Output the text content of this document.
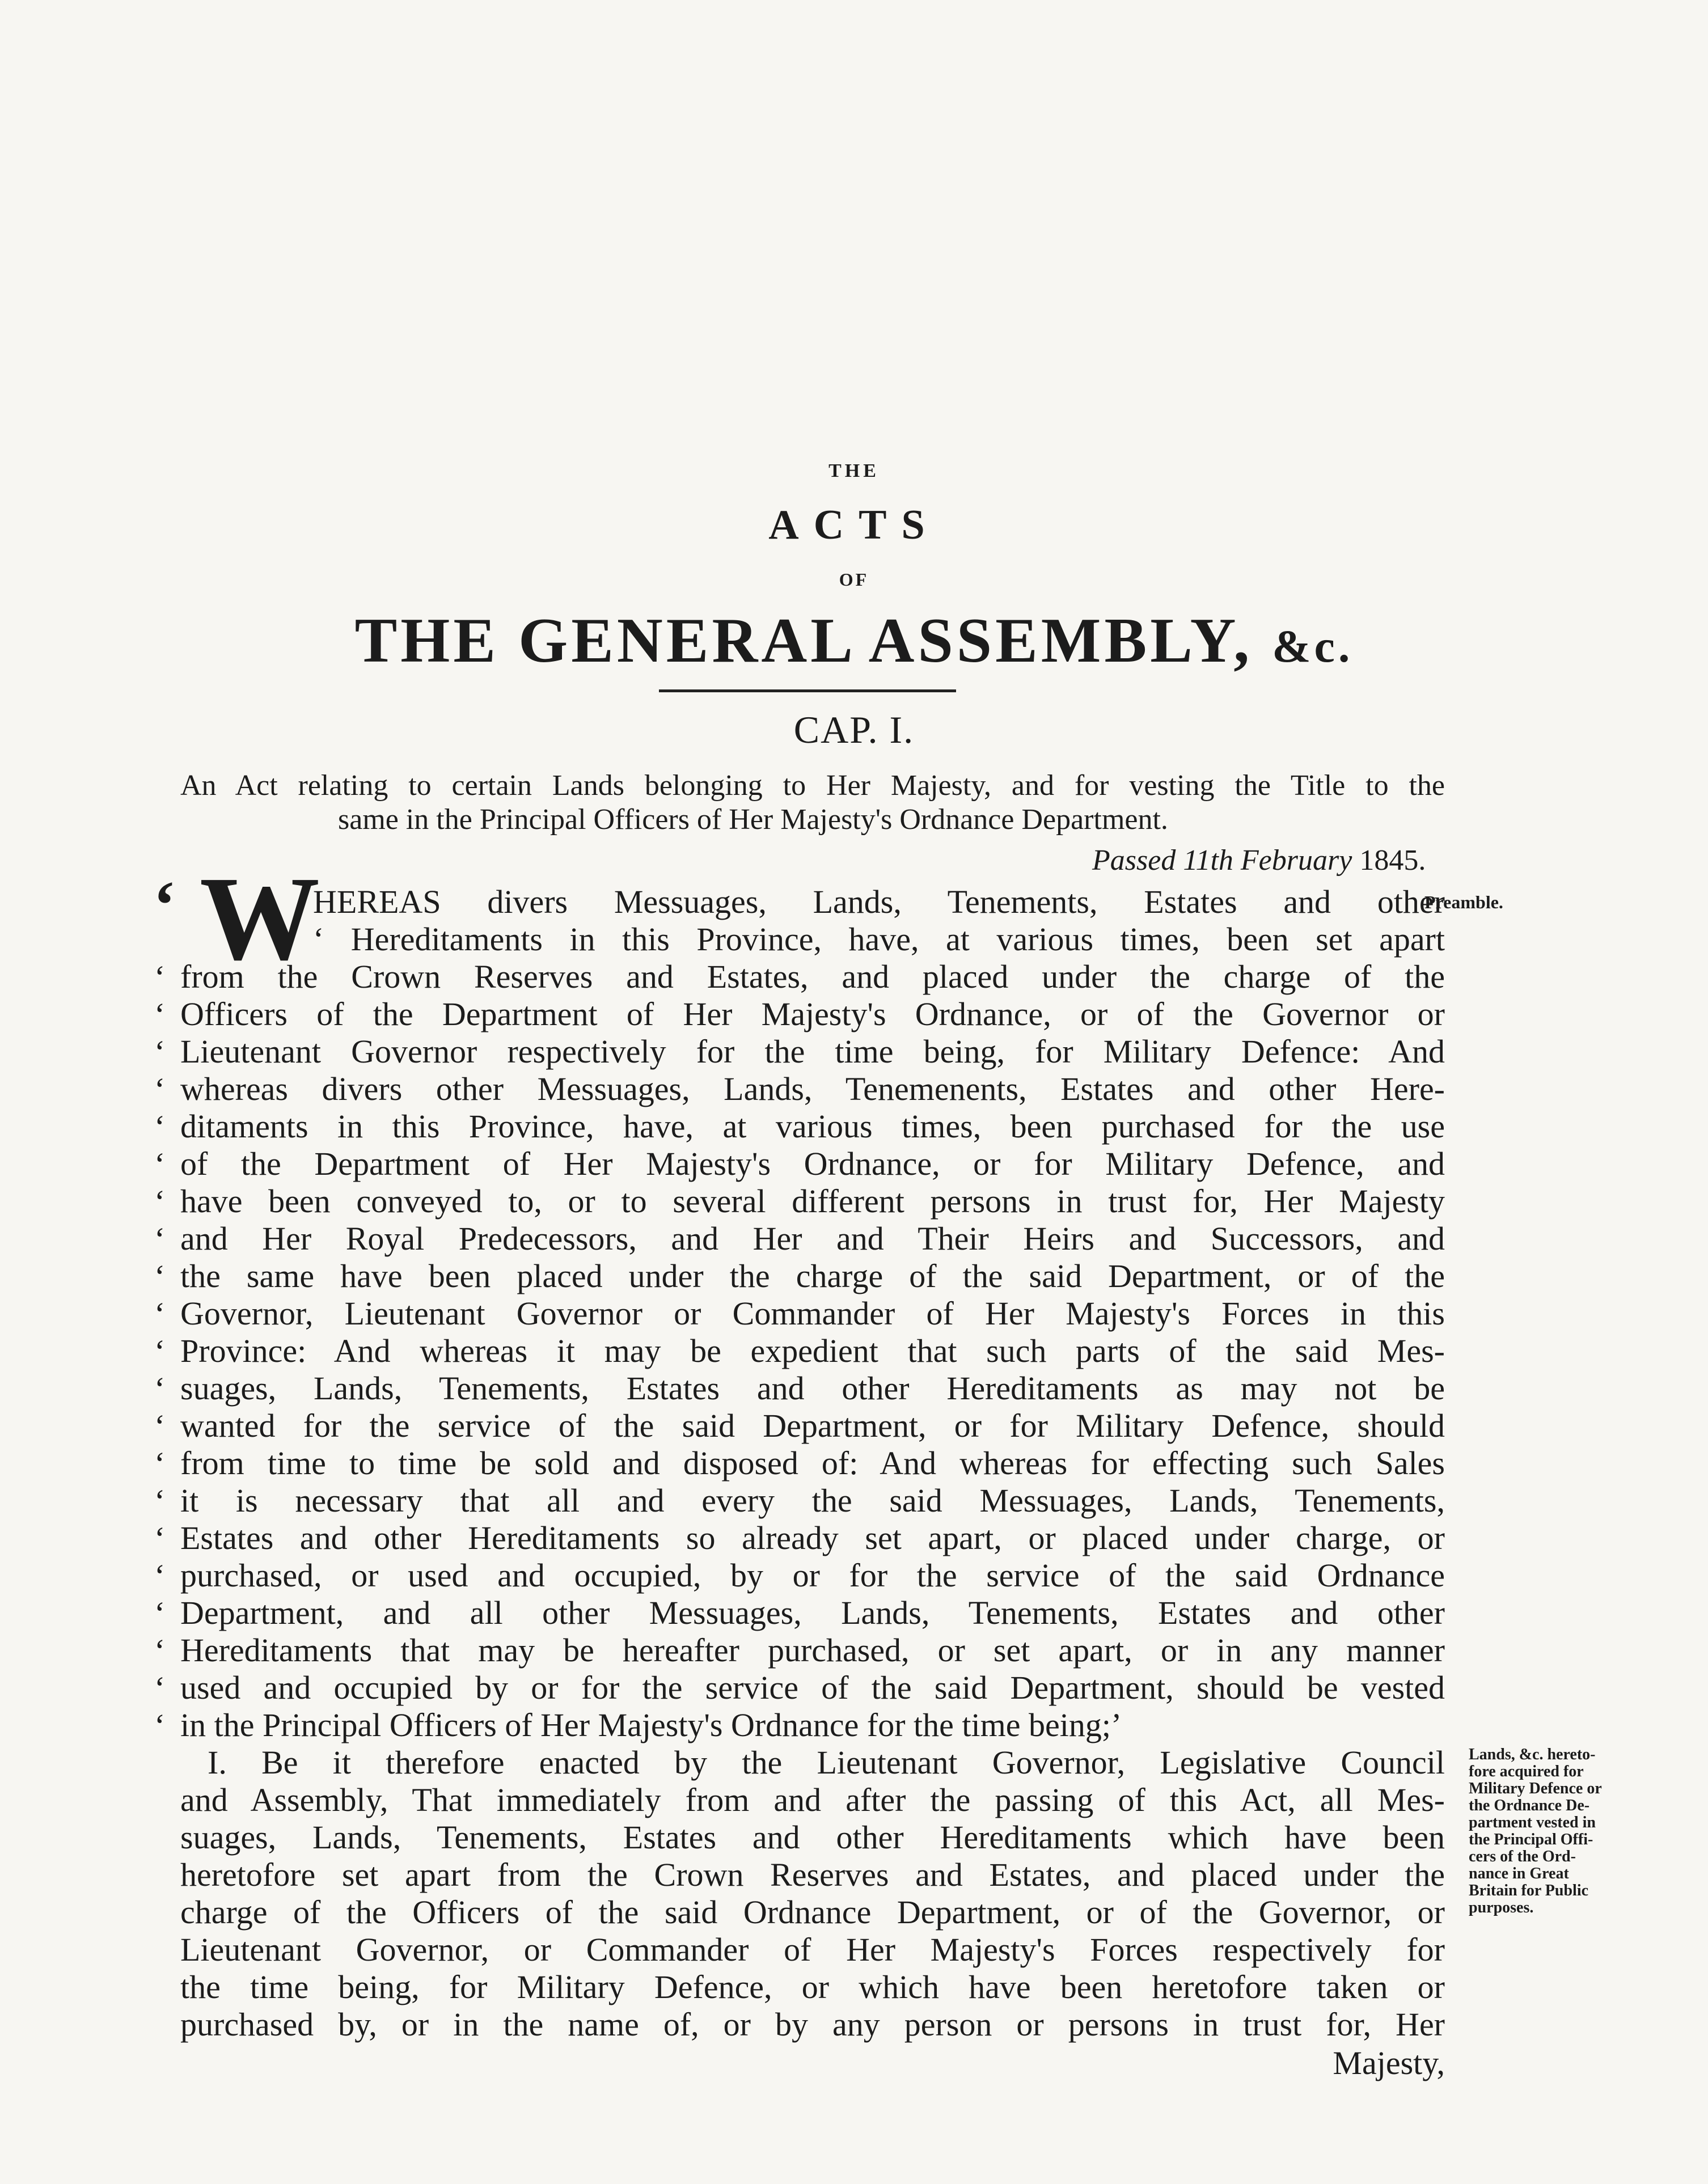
THE
ACTS
OF
THE GENERAL ASSEMBLY, &c.
CAP. I.
An Act relating to certain Lands belonging to Her Majesty, and for vesting the Title to the
same in the Principal Officers of Her Majesty's Ordnance Department.
Passed 11th February 1845.
‘ W
HEREAS divers Messuages, Lands, Tenements, Estates and other
‘ Hereditaments in this Province, have, at various times, been set apart
‘ from the Crown Reserves and Estates, and placed under the charge of the
‘ Officers of the Department of Her Majesty's Ordnance, or of the Governor or
‘ Lieutenant Governor respectively for the time being, for Military Defence: And
‘ whereas divers other Messuages, Lands, Tenemenents, Estates and other Here-
‘ ditaments in this Province, have, at various times, been purchased for the use
‘ of the Department of Her Majesty's Ordnance, or for Military Defence, and
‘ have been conveyed to, or to several different persons in trust for, Her Majesty
‘ and Her Royal Predecessors, and Her and Their Heirs and Successors, and
‘ the same have been placed under the charge of the said Department, or of the
‘ Governor, Lieutenant Governor or Commander of Her Majesty's Forces in this
‘ Province: And whereas it may be expedient that such parts of the said Mes-
‘ suages, Lands, Tenements, Estates and other Hereditaments as may not be
‘ wanted for the service of the said Department, or for Military Defence, should
‘ from time to time be sold and disposed of: And whereas for effecting such Sales
‘ it is necessary that all and every the said Messuages, Lands, Tenements,
‘ Estates and other Hereditaments so already set apart, or placed under charge, or
‘ purchased, or used and occupied, by or for the service of the said Ordnance
‘ Department, and all other Messuages, Lands, Tenements, Estates and other
‘ Hereditaments that may be hereafter purchased, or set apart, or in any manner
‘ used and occupied by or for the service of the said Department, should be vested
‘ in the Principal Officers of Her Majesty's Ordnance for the time being;’
I. Be it therefore enacted by the Lieutenant Governor, Legislative Council
and Assembly, That immediately from and after the passing of this Act, all Mes-
suages, Lands, Tenements, Estates and other Hereditaments which have been
heretofore set apart from the Crown Reserves and Estates, and placed under the
charge of the Officers of the said Ordnance Department, or of the Governor, or
Lieutenant Governor, or Commander of Her Majesty's Forces respectively for
the time being, for Military Defence, or which have been heretofore taken or
purchased by, or in the name of, or by any person or persons in trust for, Her
Majesty,
Preamble.
Lands, &c. hereto-
fore acquired for
Military Defence or
the Ordnance De-
partment vested in
the Principal Offi-
cers of the Ord-
nance in Great
Britain for Public
purposes.
